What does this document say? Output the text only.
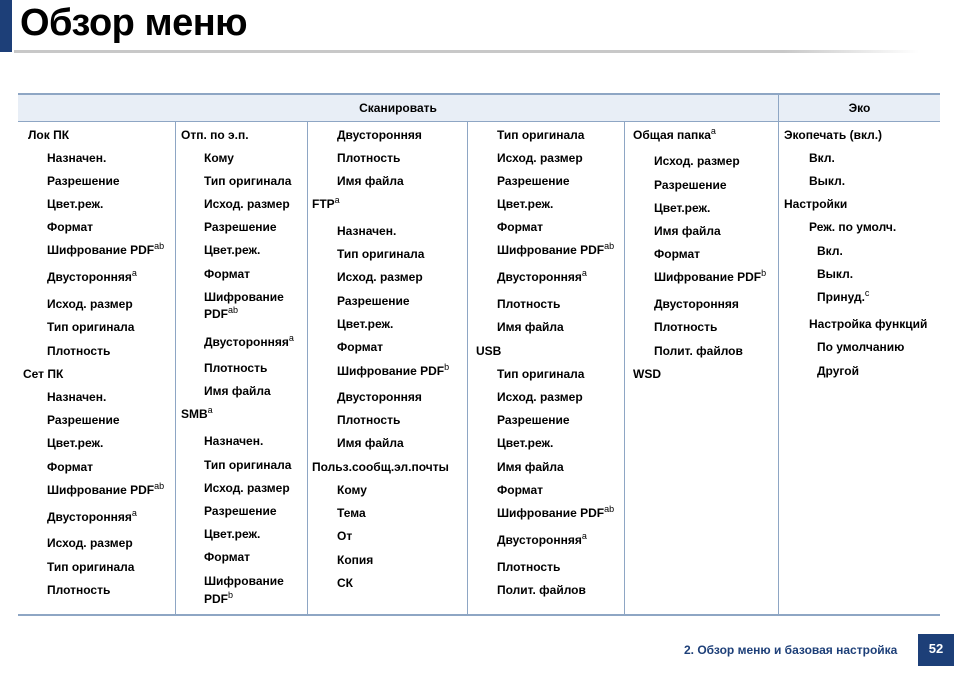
Обзор меню
Сканировать	Эко
Лок ПК
Назначен.
Разрешение
Цвет.реж.
Формат
Шифрование $PDF^{ab}$
Двусторонняя$^a$
Исход. размер
Тип оригинала
Плотность
Сет ПК
Назначен.
Разрешение
Цвет.реж.
Формат
Шифрование $PDF^{ab}$
Двусторонняя$^a$
Исход. размер
Тип оригинала
Плотность
Отп. по э.п.
Кому
Тип оригинала
Исход. размер
Разрешение
Цвет.реж.
Формат
Шифрование
$PDF^{ab}$
Двусторонняя$^a$
Плотность
Имя файла
SMB$^a$
Назначен.
Тип оригинала
Исход. размер
Разрешение
Цвет.реж.
Формат
Шифрование
PDF$^b$
Двусторонняя
Плотность
Имя файла
FTP$^a$
Назначен.
Тип оригинала
Исход. размер
Разрешение
Цвет.реж.
Формат
Шифрование PDF$^b$
Двусторонняя
Плотность
Имя файла
Польз.сообщ.эл.почты
Кому
Тема
От
Копия
СК
Тип оригинала
Исход. размер
Разрешение
Цвет.реж.
Формат
Шифрование $PDF^{ab}$
Двусторонняя$^a$
Плотность
Имя файла
USB
Тип оригинала
Исход. размер
Разрешение
Цвет.реж.
Имя файла
Формат
Шифрование $PDF^{ab}$
Двусторонняя$^a$
Плотность
Полит. файлов
Общая папка$^a$
Исход. размер
Разрешение
Цвет.реж.
Имя файла
Формат
Шифрование PDF$^b$
Двусторонняя
Плотность
Полит. файлов
WSD
Экопечать (вкл.)
Вкл.
Выкл.
Настройки
Реж. по умолч.
Вкл.
Выкл.
Принуд.$^c$
Настройка функций
По умолчанию
Другой
2. Обзор меню и базовая настройка	52
